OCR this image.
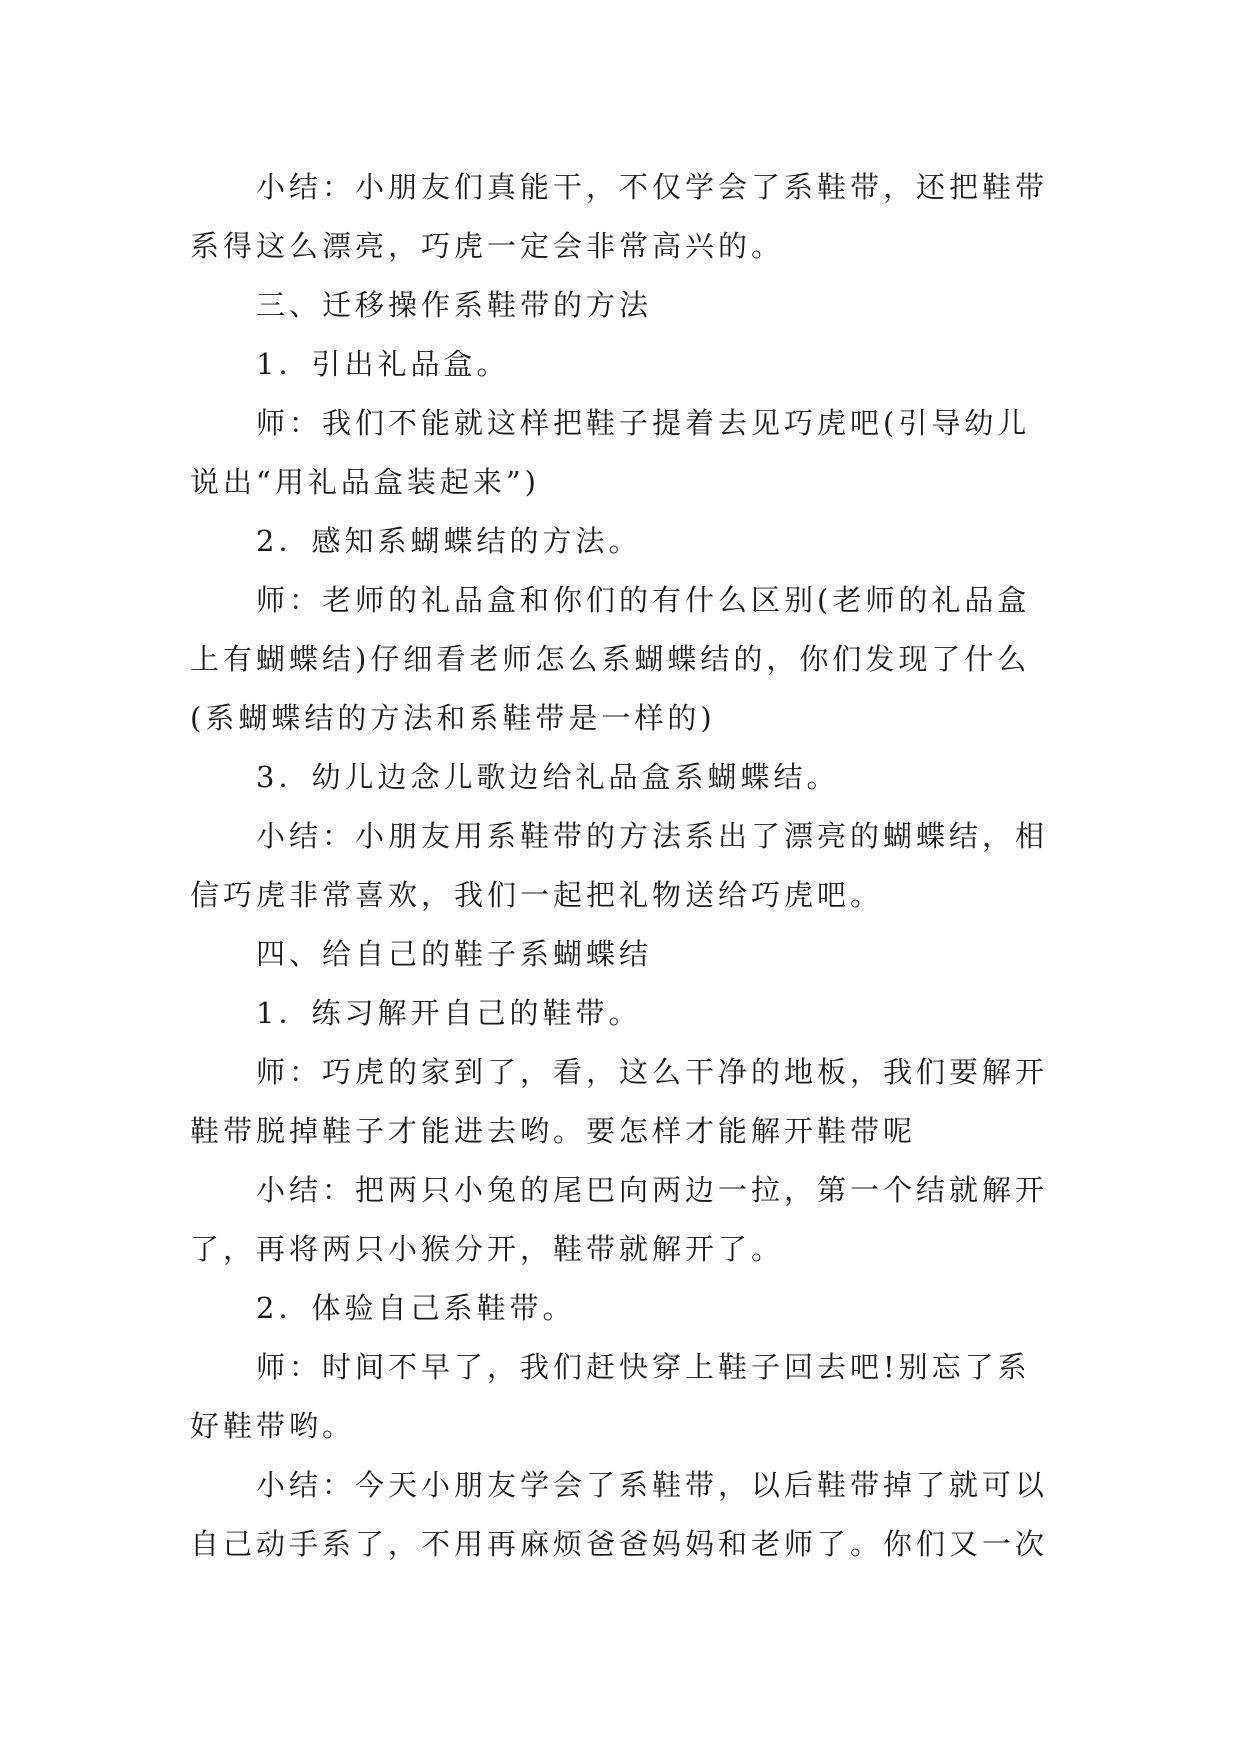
小结：小朋友们真能干，不仅学会了系鞋带，还把鞋带
系得这么漂亮，巧虎一定会非常高兴的。

三、迁移操作系鞋带的方法

1．引出礼品盒。

师：我们不能就这样把鞋子提着去见巧虎吧(引导幼儿
说出“用礼品盒装起来”)

2．感知系蝴蝶结的方法。

师：老师的礼品盒和你们的有什么区别(老师的礼品盒
上有蝴蝶结)仔细看老师怎么系蝴蝶结的，你们发现了什么
(系蝴蝶结的方法和系鞋带是一样的)

3．幼儿边念儿歌边给礼品盒系蝴蝶结。

小结：小朋友用系鞋带的方法系出了漂亮的蝴蝶结，相
信巧虎非常喜欢，我们一起把礼物送给巧虎吧。

四、给自己的鞋子系蝴蝶结

1．练习解开自己的鞋带。

师：巧虎的家到了，看，这么干净的地板，我们要解开
鞋带脱掉鞋子才能进去哟。要怎样才能解开鞋带呢

小结：把两只小兔的尾巴向两边一拉，第一个结就解开
了，再将两只小猴分开，鞋带就解开了。

2．体验自己系鞋带。

师：时间不早了，我们赶快穿上鞋子回去吧!别忘了系
好鞋带哟。

小结：今天小朋友学会了系鞋带，以后鞋带掉了就可以
自己动手系了，不用再麻烦爸爸妈妈和老师了。你们又一次
